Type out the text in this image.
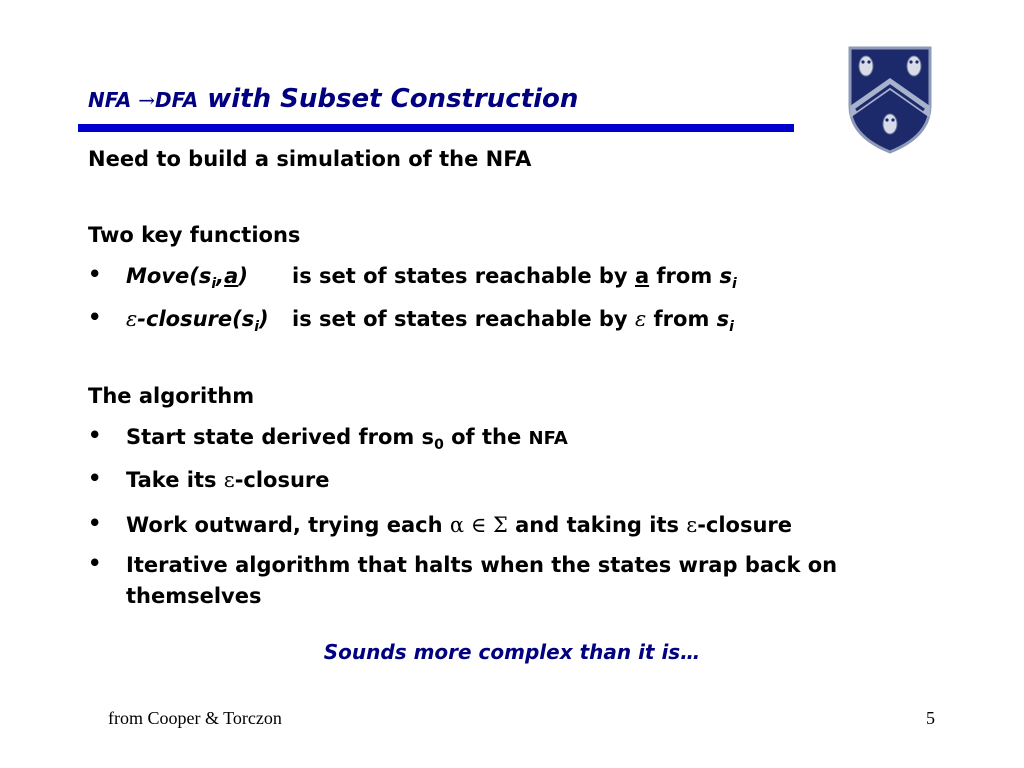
NFA →DFA with Subset Construction
Need to build a simulation of the NFA
Two key functions
• $Move(s_i,a)$ is set of states reachable by a from $s_i$
• $\varepsilon-closure(s_i)$ is set of states reachable by ε from $s_i$
The algorithm
• Start state derived from $s_0$ of the NFA
• Take its ε-closure
• Work outward, trying each α ∈ Σ and taking its ε-closure
• Iterative algorithm that halts when the states wrap back on
themselves
Sounds more complex than it is…
from Cooper & Torczon	5
